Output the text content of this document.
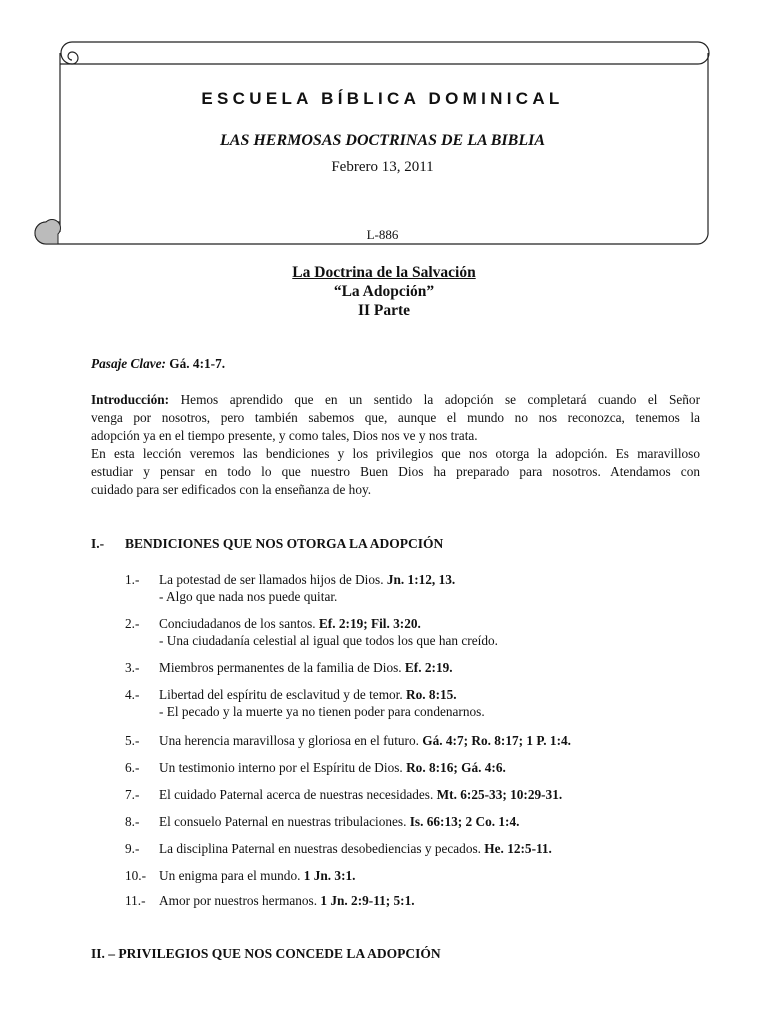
ESCUELA BÍBLICA DOMINICAL
LAS HERMOSAS DOCTRINAS DE LA BIBLIA
Febrero 13, 2011
L-886
La Doctrina de la Salvación
“La Adopción”
II Parte
Pasaje Clave: Gá. 4:1-7.
Introducción: Hemos aprendido que en un sentido la adopción se completará cuando el Señor
venga por nosotros, pero también sabemos que, aunque el mundo no nos reconozca, tenemos la
adopción ya en el tiempo presente, y como tales, Dios nos ve y nos trata.
En esta lección veremos las bendiciones y los privilegios que nos otorga la adopción. Es maravilloso
estudiar y pensar en todo lo que nuestro Buen Dios ha preparado para nosotros. Atendamos con
cuidado para ser edificados con la enseñanza de hoy.
I.- BENDICIONES QUE NOS OTORGA LA ADOPCIÓN
1.-	La potestad de ser llamados hijos de Dios. Jn. 1:12, 13.
- Algo que nada nos puede quitar.
2.-	Conciudadanos de los santos. Ef. 2:19; Fil. 3:20.
- Una ciudadanía celestial al igual que todos los que han creído.
3.-	Miembros permanentes de la familia de Dios. Ef. 2:19.
4.-	Libertad del espíritu de esclavitud y de temor. Ro. 8:15.
- El pecado y la muerte ya no tienen poder para condenarnos.
5.-	Una herencia maravillosa y gloriosa en el futuro. Gá. 4:7; Ro. 8:17; 1 P. 1:4.
6.-	Un testimonio interno por el Espíritu de Dios. Ro. 8:16; Gá. 4:6.
7.-	El cuidado Paternal acerca de nuestras necesidades. Mt. 6:25-33; 10:29-31.
8.-	El consuelo Paternal en nuestras tribulaciones. Is. 66:13; 2 Co. 1:4.
9.-	La disciplina Paternal en nuestras desobediencias y pecados. He. 12:5-11.
10.- Un enigma para el mundo. 1 Jn. 3:1.
11.-	Amor por nuestros hermanos. 1 Jn. 2:9-11; 5:1.
II. – PRIVILEGIOS QUE NOS CONCEDE LA ADOPCIÓN
